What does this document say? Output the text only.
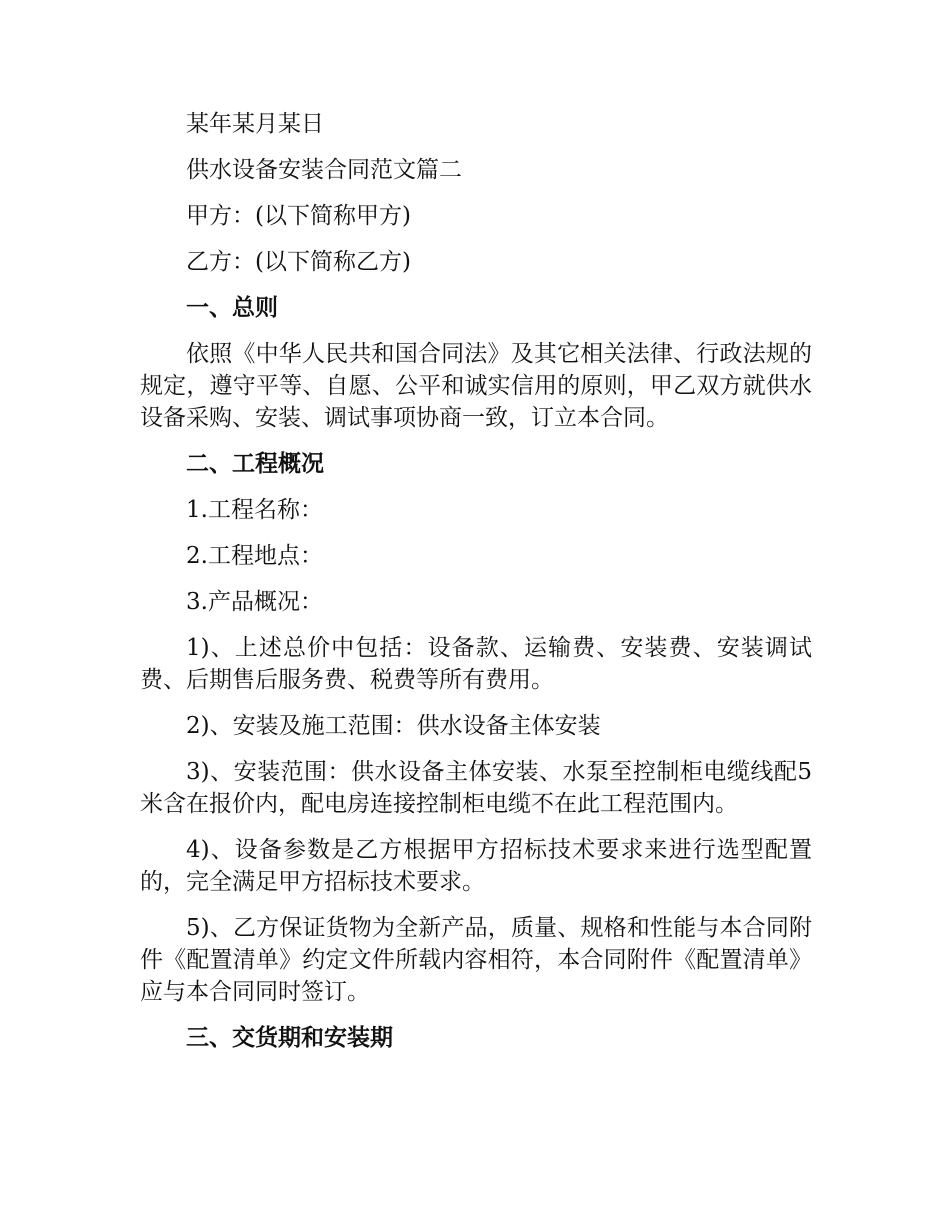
某年某月某日

供水设备安装合同范文篇二

甲方：(以下简称甲方)

乙方：(以下简称乙方)

一、总则

依照《中华人民共和国合同法》及其它相关法律、行政法规的规定，遵守平等、自愿、公平和诚实信用的原则，甲乙双方就供水设备采购、安装、调试事项协商一致，订立本合同。

二、工程概况

1.工程名称：

2.工程地点：

3.产品概况：

1)、上述总价中包括：设备款、运输费、安装费、安装调试费、后期售后服务费、税费等所有费用。

2)、安装及施工范围：供水设备主体安装

3)、安装范围：供水设备主体安装、水泵至控制柜电缆线配5米含在报价内，配电房连接控制柜电缆不在此工程范围内。

4)、设备参数是乙方根据甲方招标技术要求来进行选型配置的，完全满足甲方招标技术要求。

5)、乙方保证货物为全新产品，质量、规格和性能与本合同附件《配置清单》约定文件所载内容相符，本合同附件《配置清单》应与本合同同时签订。

三、交货期和安装期
